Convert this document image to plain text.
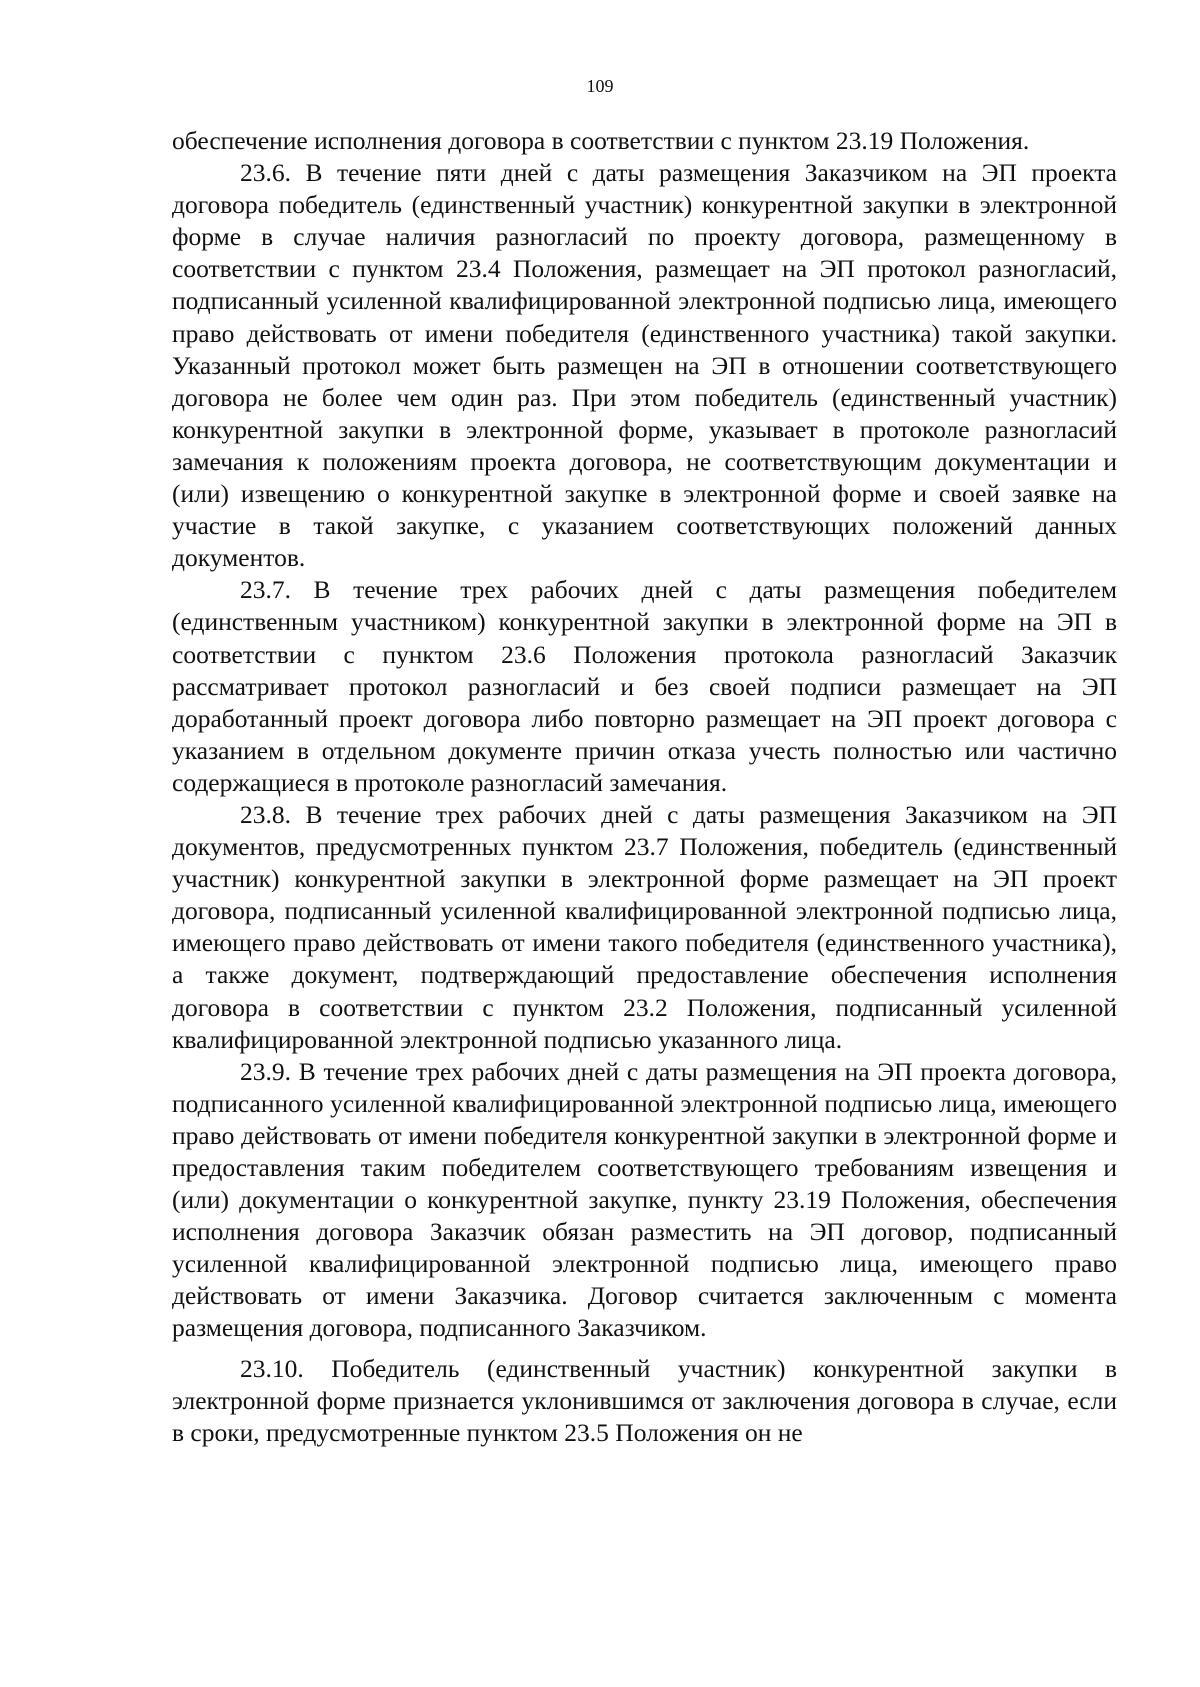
109

обеспечение исполнения договора в соответствии с пунктом 23.19 Положения.

23.6. В течение пяти дней с даты размещения Заказчиком на ЭП проекта договора победитель (единственный участник) конкурентной закупки в электронной форме в случае наличия разногласий по проекту договора, размещенному в соответствии с пунктом 23.4 Положения, размещает на ЭП протокол разногласий, подписанный усиленной квалифицированной электронной подписью лица, имеющего право действовать от имени победителя (единственного участника) такой закупки. Указанный протокол может быть размещен на ЭП в отношении соответствующего договора не более чем один раз. При этом победитель (единственный участник) конкурентной закупки в электронной форме, указывает в протоколе разногласий замечания к положениям проекта договора, не соответствующим документации и (или) извещению о конкурентной закупке в электронной форме и своей заявке на участие в такой закупке, с указанием соответствующих положений данных документов.

23.7. В течение трех рабочих дней с даты размещения победителем (единственным участником) конкурентной закупки в электронной форме на ЭП в соответствии с пунктом 23.6 Положения протокола разногласий Заказчик рассматривает протокол разногласий и без своей подписи размещает на ЭП доработанный проект договора либо повторно размещает на ЭП проект договора с указанием в отдельном документе причин отказа учесть полностью или частично содержащиеся в протоколе разногласий замечания.

23.8. В течение трех рабочих дней с даты размещения Заказчиком на ЭП документов, предусмотренных пунктом 23.7 Положения, победитель (единственный участник) конкурентной закупки в электронной форме размещает на ЭП проект договора, подписанный усиленной квалифицированной электронной подписью лица, имеющего право действовать от имени такого победителя (единственного участника), а также документ, подтверждающий предоставление обеспечения исполнения договора в соответствии с пунктом 23.2 Положения, подписанный усиленной квалифицированной электронной подписью указанного лица.

23.9. В течение трех рабочих дней с даты размещения на ЭП проекта договора, подписанного усиленной квалифицированной электронной подписью лица, имеющего право действовать от имени победителя конкурентной закупки в электронной форме и предоставления таким победителем соответствующего требованиям извещения и (или) документации о конкурентной закупке, пункту 23.19 Положения, обеспечения исполнения договора Заказчик обязан разместить на ЭП договор, подписанный усиленной квалифицированной электронной подписью лица, имеющего право действовать от имени Заказчика. Договор считается заключенным с момента размещения договора, подписанного Заказчиком.

23.10. Победитель (единственный участник) конкурентной закупки в электронной форме признается уклонившимся от заключения договора в случае, если в сроки, предусмотренные пунктом 23.5 Положения он не
